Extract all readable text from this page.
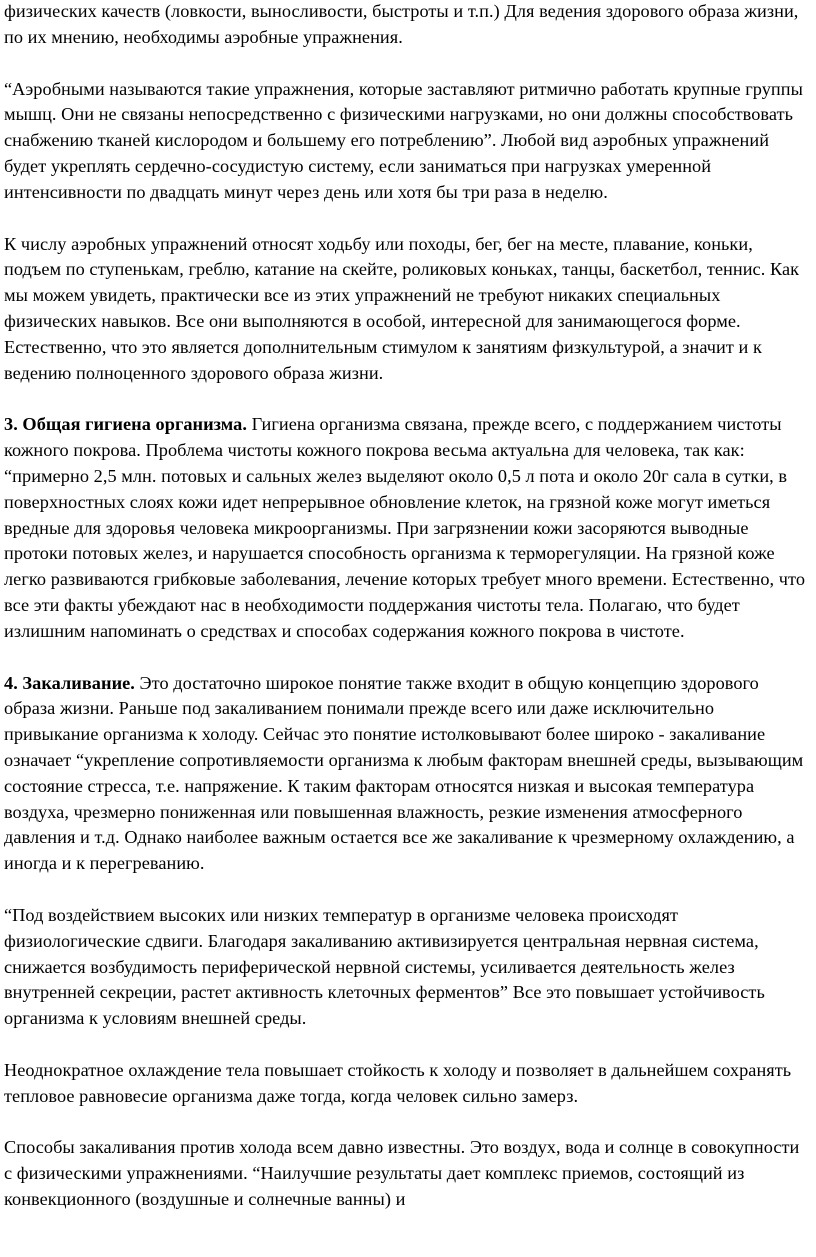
физических качеств (ловкости, выносливости, быстроты и т.п.) Для ведения здорового образа жизни, по их мнению, необходимы аэробные упражнения.

“Аэробными называются такие упражнения, которые заставляют ритмично работать крупные группы мышц. Они не связаны непосредственно с физическими нагрузками, но они должны способствовать снабжению тканей кислородом и большему его потреблению”. Любой вид аэробных упражнений будет укреплять сердечно-сосудистую систему, если заниматься при нагрузках умеренной интенсивности по двадцать минут через день или хотя бы три раза в неделю.

К числу аэробных упражнений относят ходьбу или походы, бег, бег на месте, плавание, коньки, подъем по ступенькам, греблю, катание на скейте, роликовых коньках, танцы, баскетбол, теннис. Как мы можем увидеть, практически все из этих упражнений не требуют никаких специальных физических навыков. Все они выполняются в особой, интересной для занимающегося форме. Естественно, что это является дополнительным стимулом к занятиям физкультурой, а значит и к ведению полноценного здорового образа жизни.

3. Общая гигиена организма. Гигиена организма связана, прежде всего, с поддержанием чистоты кожного покрова. Проблема чистоты кожного покрова весьма актуальна для человека, так как: “примерно 2,5 млн. потовых и сальных желез выделяют около 0,5 л пота и около 20г сала в сутки, в поверхностных слоях кожи идет непрерывное обновление клеток, на грязной коже могут иметься вредные для здоровья человека микроорганизмы. При загрязнении кожи засоряются выводные протоки потовых желез, и нарушается способность организма к терморегуляции. На грязной коже легко развиваются грибковые заболевания, лечение которых требует много времени. Естественно, что все эти факты убеждают нас в необходимости поддержания чистоты тела. Полагаю, что будет излишним напоминать о средствах и способах содержания кожного покрова в чистоте.

4. Закаливание. Это достаточно широкое понятие также входит в общую концепцию здорового образа жизни. Раньше под закаливанием понимали прежде всего или даже исключительно привыкание организма к холоду. Сейчас это понятие истолковывают более широко - закаливание означает “укрепление сопротивляемости организма к любым факторам внешней среды, вызывающим состояние стресса, т.е. напряжение. К таким факторам относятся низкая и высокая температура воздуха, чрезмерно пониженная или повышенная влажность, резкие изменения атмосферного давления и т.д. Однако наиболее важным остается все же закаливание к чрезмерному охлаждению, а иногда и к перегреванию.

“Под воздействием высоких или низких температур в организме человека происходят физиологические сдвиги. Благодаря закаливанию активизируется центральная нервная система, снижается возбудимость периферической нервной системы, усиливается деятельность желез внутренней секреции, растет активность клеточных ферментов” Все это повышает устойчивость организма к условиям внешней среды.

Неоднократное охлаждение тела повышает стойкость к холоду и позволяет в дальнейшем сохранять тепловое равновесие организма даже тогда, когда человек сильно замерз.

Способы закаливания против холода всем давно известны. Это воздух, вода и солнце в совокупности с физическими упражнениями. “Наилучшие результаты дает комплекс приемов, состоящий из конвекционного (воздушные и солнечные ванны) и
